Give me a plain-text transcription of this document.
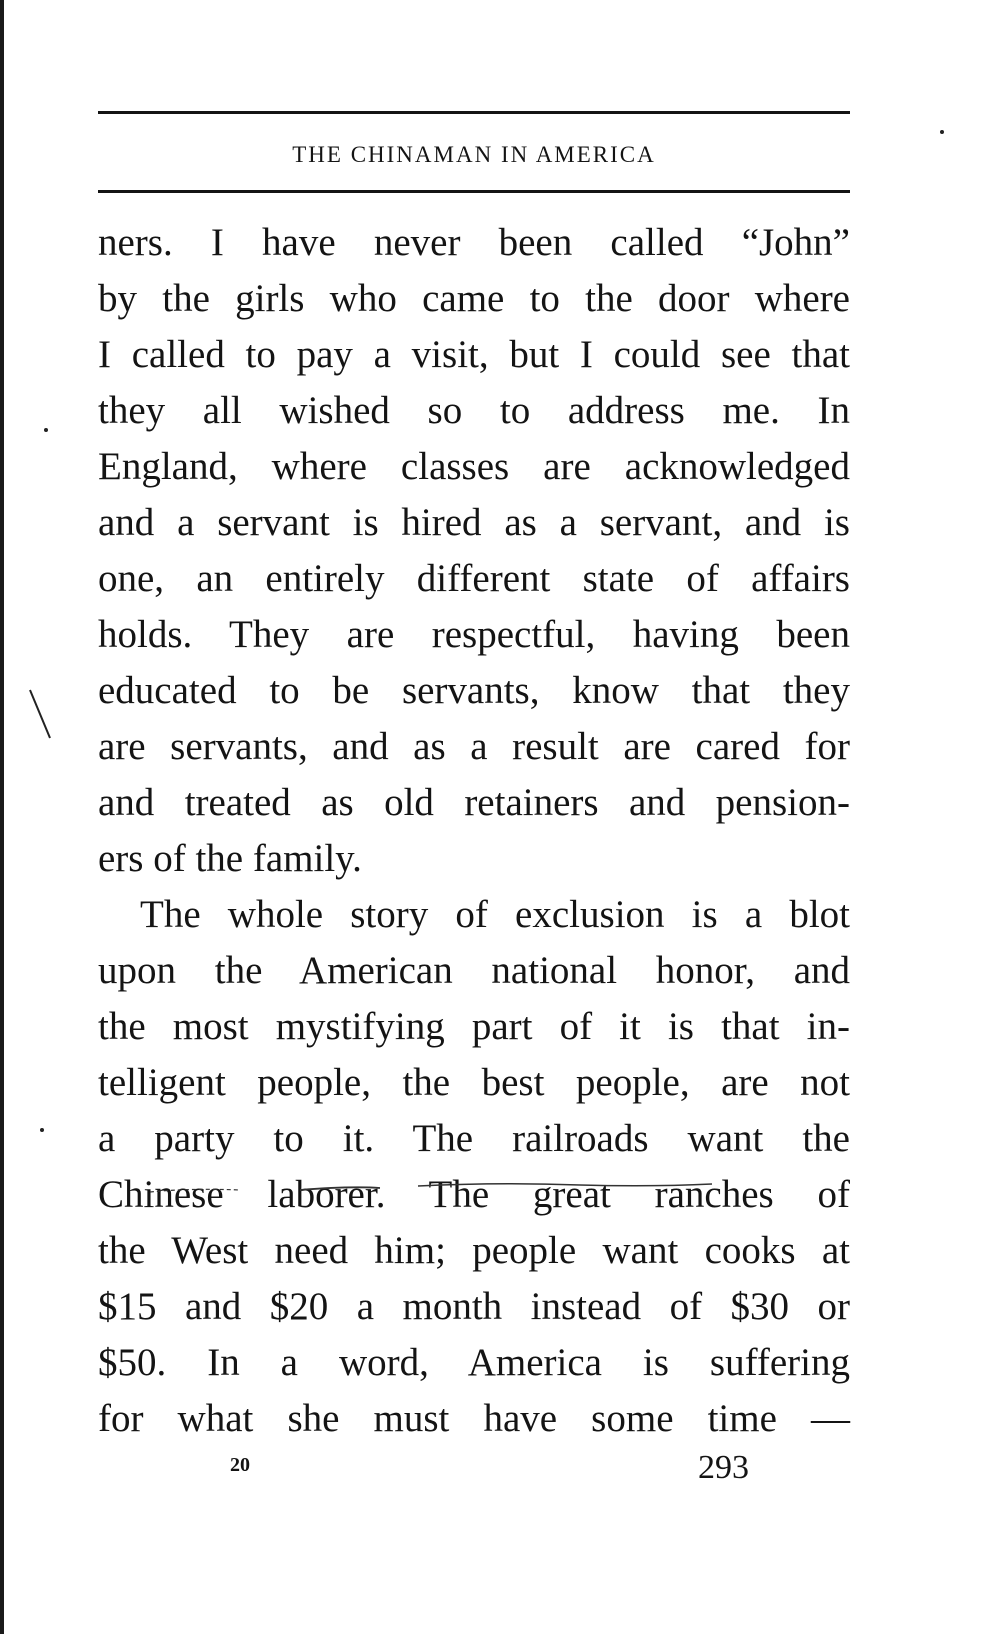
THE CHINAMAN IN AMERICA
ners. I have never been called “John”
by the girls who came to the door where
I called to pay a visit, but I could see that
they all wished so to address me. In
England, where classes are acknowledged
and a servant is hired as a servant, and is
one, an entirely different state of affairs
holds. They are respectful, having been
educated to be servants, know that they
are servants, and as a result are cared for
and treated as old retainers and pension-
ers of the family.
The whole story of exclusion is a blot
upon the American national honor, and
the most mystifying part of it is that in-
telligent people, the best people, are not
a party to it. The railroads want the
Chinese laborer. The great ranches of
the West need him; people want cooks at
$15 and $20 a month instead of $30 or
$50. In a word, America is suffering
for what she must have some time —
20	293
